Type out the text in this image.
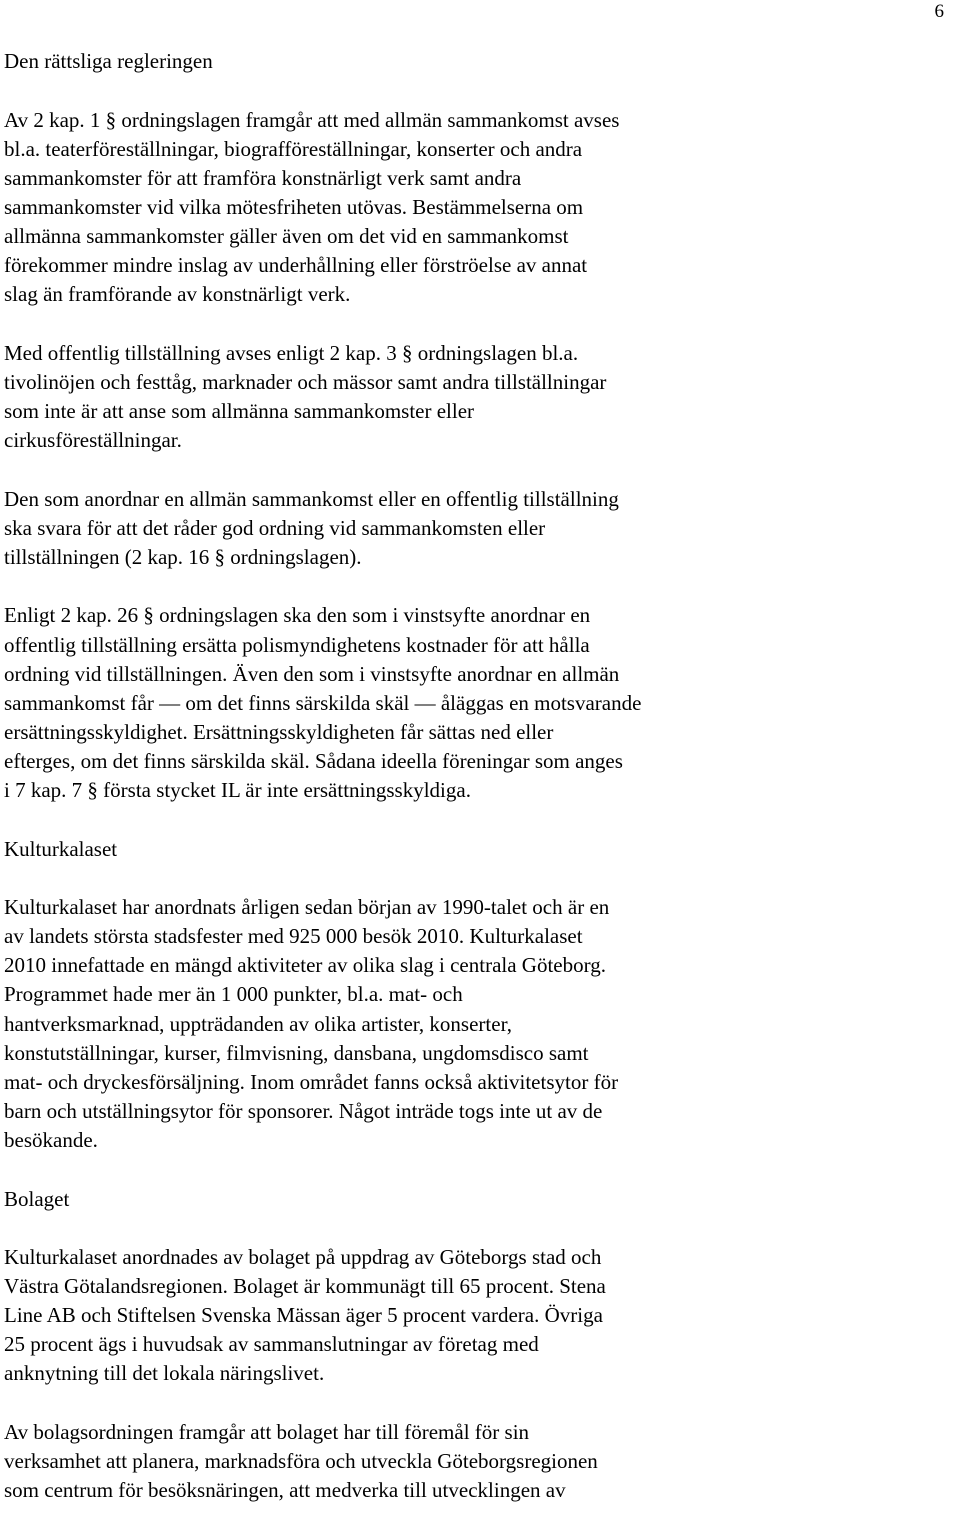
6

Den rättsliga regleringen

Av 2 kap. 1 § ordningslagen framgår att med allmän sammankomst avses
bl.a. teaterföreställningar, biografföreställningar, konserter och andra
sammankomster för att framföra konstnärligt verk samt andra
sammankomster vid vilka mötesfriheten utövas. Bestämmelserna om
allmänna sammankomster gäller även om det vid en sammankomst
förekommer mindre inslag av underhållning eller förströelse av annat
slag än framförande av konstnärligt verk.

Med offentlig tillställning avses enligt 2 kap. 3 § ordningslagen bl.a.
tivolinöjen och festtåg, marknader och mässor samt andra tillställningar
som inte är att anse som allmänna sammankomster eller
cirkusföreställningar.

Den som anordnar en allmän sammankomst eller en offentlig tillställning
ska svara för att det råder god ordning vid sammankomsten eller
tillställningen (2 kap. 16 § ordningslagen).

Enligt 2 kap. 26 § ordningslagen ska den som i vinstsyfte anordnar en
offentlig tillställning ersätta polismyndighetens kostnader för att hålla
ordning vid tillställningen. Även den som i vinstsyfte anordnar en allmän
sammankomst får — om det finns särskilda skäl — åläggas en motsvarande
ersättningsskyldighet. Ersättningsskyldigheten får sättas ned eller
efterges, om det finns särskilda skäl. Sådana ideella föreningar som anges
i 7 kap. 7 § första stycket IL är inte ersättningsskyldiga.

Kulturkalaset

Kulturkalaset har anordnats årligen sedan början av 1990-talet och är en
av landets största stadsfester med 925 000 besök 2010. Kulturkalaset
2010 innefattade en mängd aktiviteter av olika slag i centrala Göteborg.
Programmet hade mer än 1 000 punkter, bl.a. mat- och
hantverksmarknad, uppträdanden av olika artister, konserter,
konstutställningar, kurser, filmvisning, dansbana, ungdomsdisco samt
mat- och dryckesförsäljning. Inom området fanns också aktivitetsytor för
barn och utställningsytor för sponsorer. Något inträde togs inte ut av de
besökande.

Bolaget

Kulturkalaset anordnades av bolaget på uppdrag av Göteborgs stad och
Västra Götalandsregionen. Bolaget är kommunägt till 65 procent. Stena
Line AB och Stiftelsen Svenska Mässan äger 5 procent vardera. Övriga
25 procent ägs i huvudsak av sammanslutningar av företag med
anknytning till det lokala näringslivet.

Av bolagsordningen framgår att bolaget har till föremål för sin
verksamhet att planera, marknadsföra och utveckla Göteborgsregionen
som centrum för besöksnäringen, att medverka till utvecklingen av
